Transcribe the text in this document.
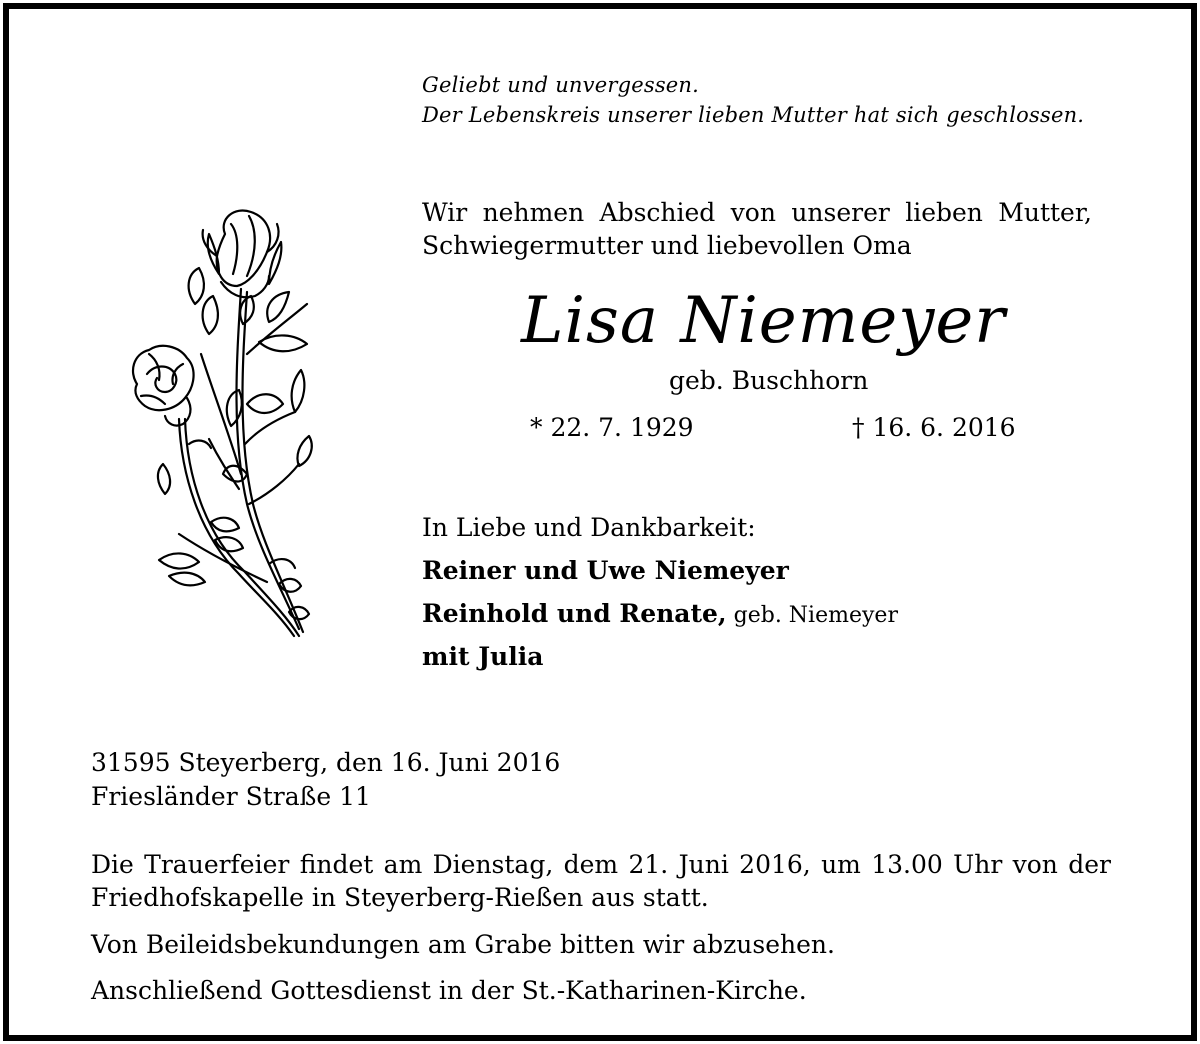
Geliebt und unvergessen.
Der Lebenskreis unserer lieben Mutter hat sich geschlossen.
Wir nehmen Abschied von unserer lieben Mutter,
Schwiegermutter und liebevollen Oma
Lisa Niemeyer
geb. Buschhorn
* 22. 7. 1929	† 16. 6. 2016
In Liebe und Dankbarkeit:
Reiner und Uwe Niemeyer
Reinhold und Renate, geb. Niemeyer
mit Julia
31595 Steyerberg, den 16. Juni 2016
Friesländer Straße 11
Die Trauerfeier findet am Dienstag, dem 21. Juni 2016, um 13.00 Uhr von der
Friedhofskapelle in Steyerberg-Rießen aus statt.
Von Beileidsbekundungen am Grabe bitten wir abzusehen.
Anschließend Gottesdienst in der St.-Katharinen-Kirche.
